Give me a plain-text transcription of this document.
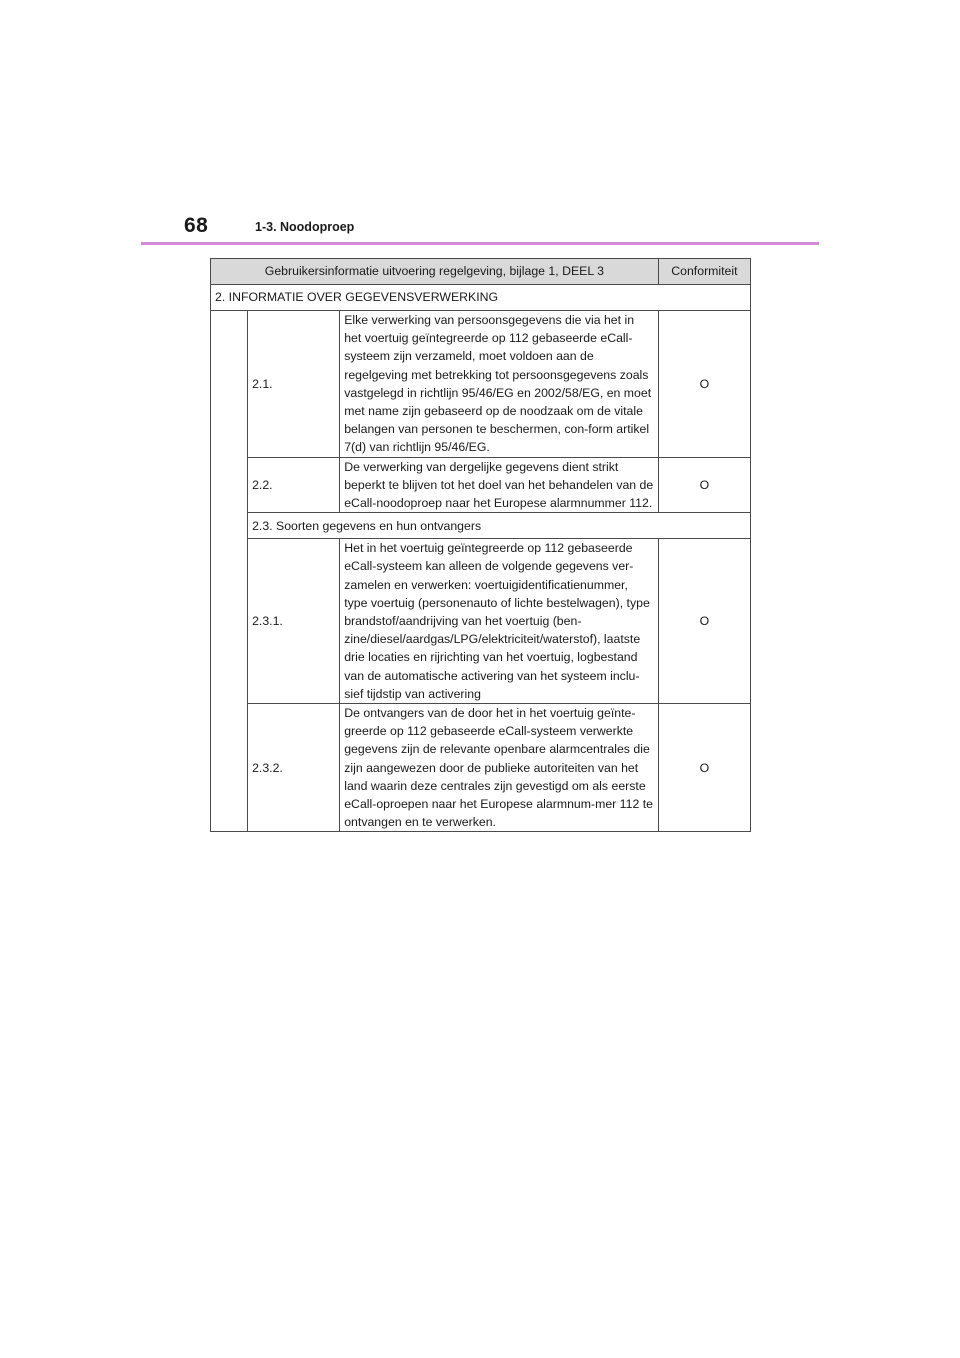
68	1-3. Noodoproep
Gebruikersinformatie uitvoering regelgeving, bijlage 1, DEEL 3			Conformiteit
2. INFORMATIE OVER GEGEVENSVERWERKING			
	2.1.	Elke verwerking van persoonsgegevens die via het in het voertuig geïntegreerde op 112 gebaseerde eCall-systeem zijn verzameld, moet voldoen aan de regelgeving met betrekking tot persoonsgegevens zoals vastgelegd in richtlijn 95/46/EG en 2002/58/EG, en moet met name zijn gebaseerd op de noodzaak om de vitale belangen van personen te beschermen, con-form artikel 7(d) van richtlijn 95/46/EG.	O
	2.2.	De verwerking van dergelijke gegevens dient strikt beperkt te blijven tot het doel van het behandelen van de eCall-noodoproep naar het Europese alarmnummer 112.	O
	2.3. Soorten gegevens en hun ontvangers		
	2.3.1.	Het in het voertuig geïntegreerde op 112 gebaseerde eCall-systeem kan alleen de volgende gegevens ver-zamelen en verwerken: voertuigidentificatienummer, type voertuig (personenauto of lichte bestelwagen), type brandstof/aandrijving van het voertuig (ben-zine/diesel/aardgas/LPG/elektriciteit/waterstof), laatste drie locaties en rijrichting van het voertuig, logbestand van de automatische activering van het systeem inclu-sief tijdstip van activering	O
	2.3.2.	De ontvangers van de door het in het voertuig geïnte-greerde op 112 gebaseerde eCall-systeem verwerkte gegevens zijn de relevante openbare alarmcentrales die zijn aangewezen door de publieke autoriteiten van het land waarin deze centrales zijn gevestigd om als eerste eCall-oproepen naar het Europese alarmnum-mer 112 te ontvangen en te verwerken.	O
